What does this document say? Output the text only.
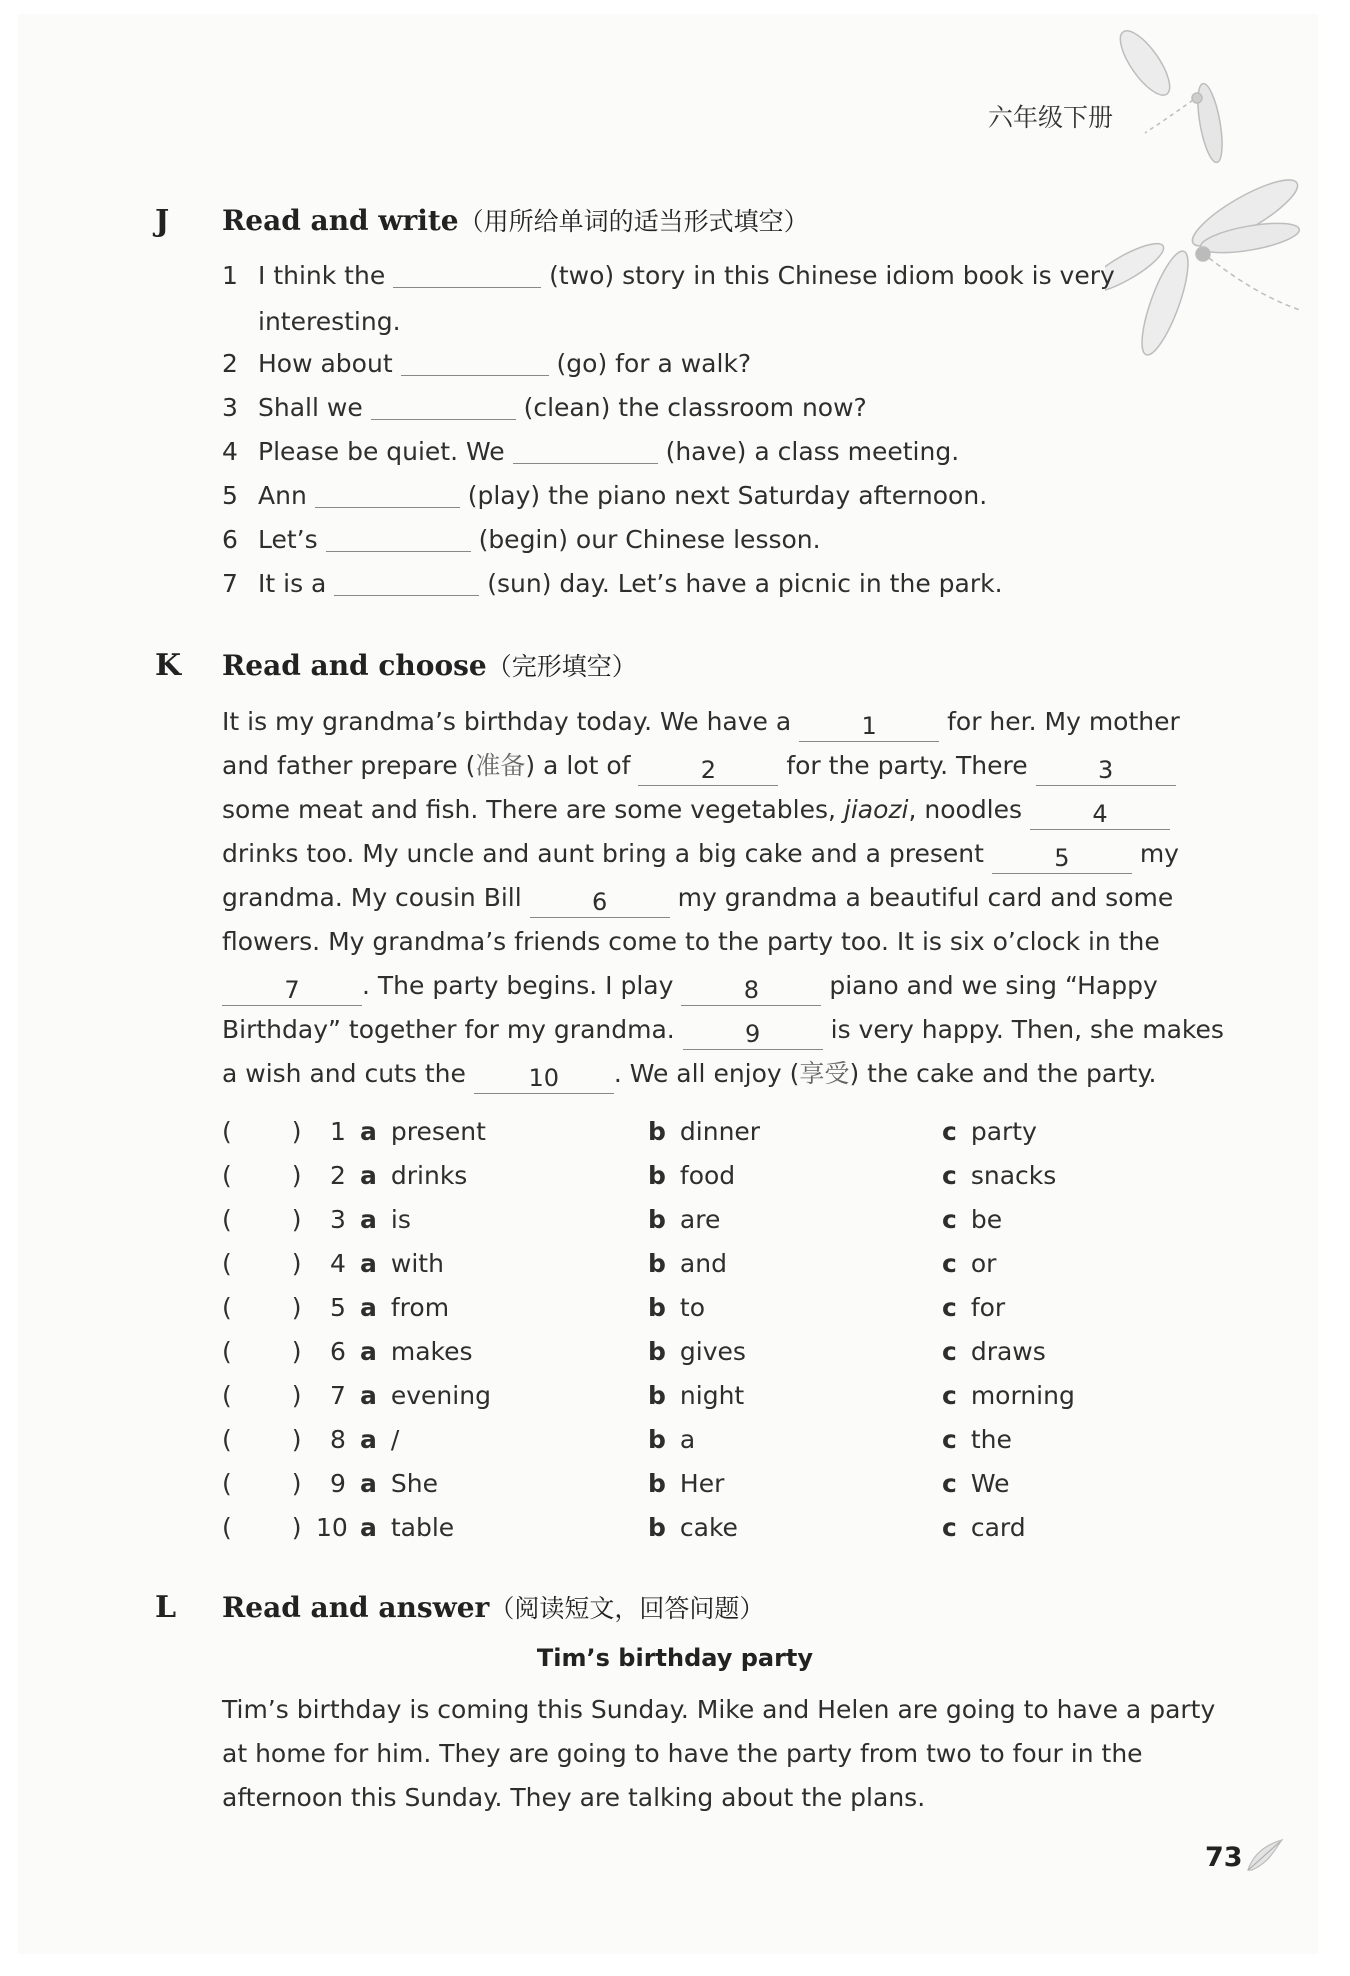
六年级下册
J Read and write（用所给单词的适当形式填空）
1 I think the	(two) story in this Chinese idiom book is very
interesting.
2 How about	(go) for a walk?
3 Shall we	(clean) the classroom now?
4 Please be quiet. We	(have) a class meeting.
5 Ann	(play) the piano next Saturday afternoon.
6 Let’s	(begin) our Chinese lesson.
7 It is a	(sun) day. Let’s have a picnic in the park.
K Read and choose（完形填空）
It is my grandma’s birthday today. We have a	1	for her. My mother
and father prepare (准备) a lot of	2	for the party. There	3
some meat and fish. There are some vegetables, jiaozi, noodles	4
drinks too. My uncle and aunt bring a big cake and a present	5	my
grandma. My cousin Bill	6	my grandma a beautiful card and some
flowers. My grandma’s friends come to the party too. It is six o’clock in the
7 . The party begins. I play	8	piano and we sing “Happy
Birthday” together for my grandma.	9	is very happy. Then, she makes
a wish and cuts the	10 . We all enjoy (享受) the cake and the party.
( ) 1 a present	b dinner	c party
( ) 2 a drinks	b food	c snacks
( ) 3 a is	b are	c be
( ) 4 a with	b and	c or
( ) 5 a from	b to	c for
( ) 6 a makes	b gives	c draws
( ) 7 a evening	b night	c morning
( ) 8 a /	b a	c the
( ) 9 a She	b Her	c We
( ) 10 a table	b cake	c card
L Read and answer（阅读短文，回答问题）
Tim’s birthday party
Tim’s birthday is coming this Sunday. Mike and Helen are going to have a party
at home for him. They are going to have the party from two to four in the
afternoon this Sunday. They are talking about the plans.
73
